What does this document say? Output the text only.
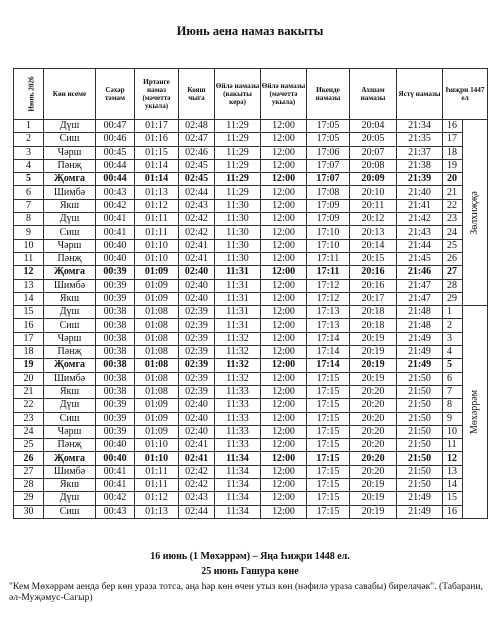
Июнь аена намаз вакыты
Июнь 2026	Көн исеме	Сәхәр тәмам	Иртәнге намаз (мәчеттә укыла)	Кояш чыга	Өйлә намазы (вакыты керә)	Өйлә намазы (мәчеттә укыла)	Икенде намазы	Ахшам намазы	Ястү намазы	Һиҗри 1447 ел	
1	Дүш	00:47	01:17	02:48	11:29	12:00	17:05	20:04	21:34	16	Зөлхиҗҗә

2	Сиш	00:46	01:16	02:47	11:29	12:00	17:05	20:05	21:35	17	
3	Чәрш	00:45	01:15	02:46	11:29	12:00	17:06	20:07	21:37	18	
4	Пәнҗ	00:44	01:14	02:45	11:29	12:00	17:07	20:08	21:38	19	
5	Җомга	00:44	01:14	02:45	11:29	12:00	17:07	20:09	21:39	20	
6	Шимбә	00:43	01:13	02:44	11:29	12:00	17:08	20:10	21:40	21	
7	Якш	00:42	01:12	02:43	11:30	12:00	17:09	20:11	21:41	22	
8	Дүш	00:41	01:11	02:42	11:30	12:00	17:09	20:12	21:42	23	
9	Сиш	00:41	01:11	02:42	11:30	12:00	17:10	20:13	21:43	24	
10	Чәрш	00:40	01:10	02:41	11:30	12:00	17:10	20:14	21:44	25	
11	Пәнҗ	00:40	01:10	02:41	11:30	12:00	17:11	20:15	21:45	26	
12	Җомга	00:39	01:09	02:40	11:31	12:00	17:11	20:16	21:46	27	
13	Шимбә	00:39	01:09	02:40	11:31	12:00	17:12	20:16	21:47	28	
14	Якш	00:39	01:09	02:40	11:31	12:00	17:12	20:17	21:47	29	
15	Дүш	00:38	01:08	02:39	11:31	12:00	17:13	20:18	21:48	1	Мөхәррәм

16	Сиш	00:38	01:08	02:39	11:31	12:00	17:13	20:18	21:48	2	
17	Чәрш	00:38	01:08	02:39	11:32	12:00	17:14	20:19	21:49	3	
18	Пәнҗ	00:38	01:08	02:39	11:32	12:00	17:14	20:19	21:49	4	
19	Җомга	00:38	01:08	02:39	11:32	12:00	17:14	20:19	21:49	5	
20	Шимбә	00:38	01:08	02:39	11:32	12:00	17:15	20:19	21:50	6	
21	Якш	00:38	01:08	02:39	11:33	12:00	17:15	20:20	21:50	7	
22	Дүш	00:39	01:09	02:40	11:33	12:00	17:15	20:20	21:50	8	
23	Сиш	00:39	01:09	02:40	11:33	12:00	17:15	20:20	21:50	9	
24	Чәрш	00:39	01:09	02:40	11:33	12:00	17:15	20:20	21:50	10	
25	Пәнҗ	00:40	01:10	02:41	11:33	12:00	17:15	20:20	21:50	11	
26	Җомга	00:40	01:10	02:41	11:34	12:00	17:15	20:20	21:50	12	
27	Шимбә	00:41	01:11	02:42	11:34	12:00	17:15	20:20	21:50	13	
28	Якш	00:41	01:11	02:42	11:34	12:00	17:15	20:19	21:50	14	
29	Дүш	00:42	01:12	02:43	11:34	12:00	17:15	20:19	21:49	15	
30	Сиш	00:43	01:13	02:44	11:34	12:00	17:15	20:19	21:49	16	
16 июнь (1 Мөхәррәм) – Яңа Һиҗри 1448 ел.
25 июнь Гашура көне
"Кем Мөхәррәм аенда бер көн ураза тотса, аңа һәр көн өчен утыз көн (нәфилә ураза савабы) бирелачәк". (Табарани, әл-Муҗәмус-Сагыр)
